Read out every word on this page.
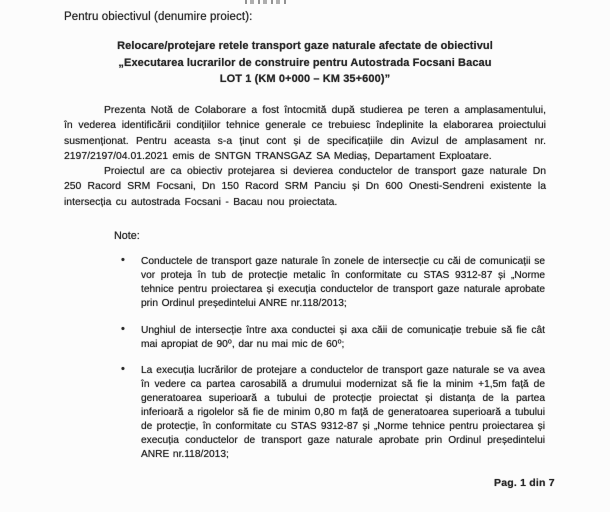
Pentru obiectivul (denumire proiect):
Relocare/protejare retele transport gaze naturale afectate de obiectivul
„Executarea lucrarilor de construire pentru Autostrada Focsani Bacau
LOT 1 (KM 0+000 – KM 35+600)”

Prezenta Notă de Colaborare a fost întocmită după studierea pe teren a amplasamentului, în vederea identificării condițiilor tehnice generale ce trebuiesc îndeplinite la elaborarea proiectului susmenționat. Pentru aceasta s-a ținut cont și de specificațiile din Avizul de amplasament nr. 2197/2197/04.01.2021 emis de SNTGN TRANSGAZ SA Mediaș, Departament Exploatare.

Proiectul are ca obiectiv protejarea si devierea conductelor de transport gaze naturale Dn 250 Racord SRM Focsani, Dn 150 Racord SRM Panciu și Dn 600 Onesti-Sendreni existente la intersecția cu autostrada Focsani - Bacau nou proiectata.

Note:
• Conductele de transport gaze naturale în zonele de intersecție cu căi de comunicații se vor proteja în tub de protecție metalic în conformitate cu STAS 9312-87 și „Norme tehnice pentru proiectarea și execuția conductelor de transport gaze naturale aprobate prin Ordinul președintelui ANRE nr.118/2013;
• Unghiul de intersecție între axa conductei și axa căii de comunicație trebuie să fie cât mai apropiat de 90⁰, dar nu mai mic de 60⁰;
• La execuția lucrărilor de protejare a conductelor de transport gaze naturale se va avea în vedere ca partea carosabilă a drumului modernizat să fie la minim +1,5m față de generatoarea superioară a tubului de protecție proiectat și distanța de la partea inferioară a rigolelor să fie de minim 0,80 m față de generatoarea superioară a tubului de protecție, în conformitate cu STAS 9312-87 și „Norme tehnice pentru proiectarea și execuția conductelor de transport gaze naturale aprobate prin Ordinul președintelui ANRE nr.118/2013;
Pag. 1 din 7
